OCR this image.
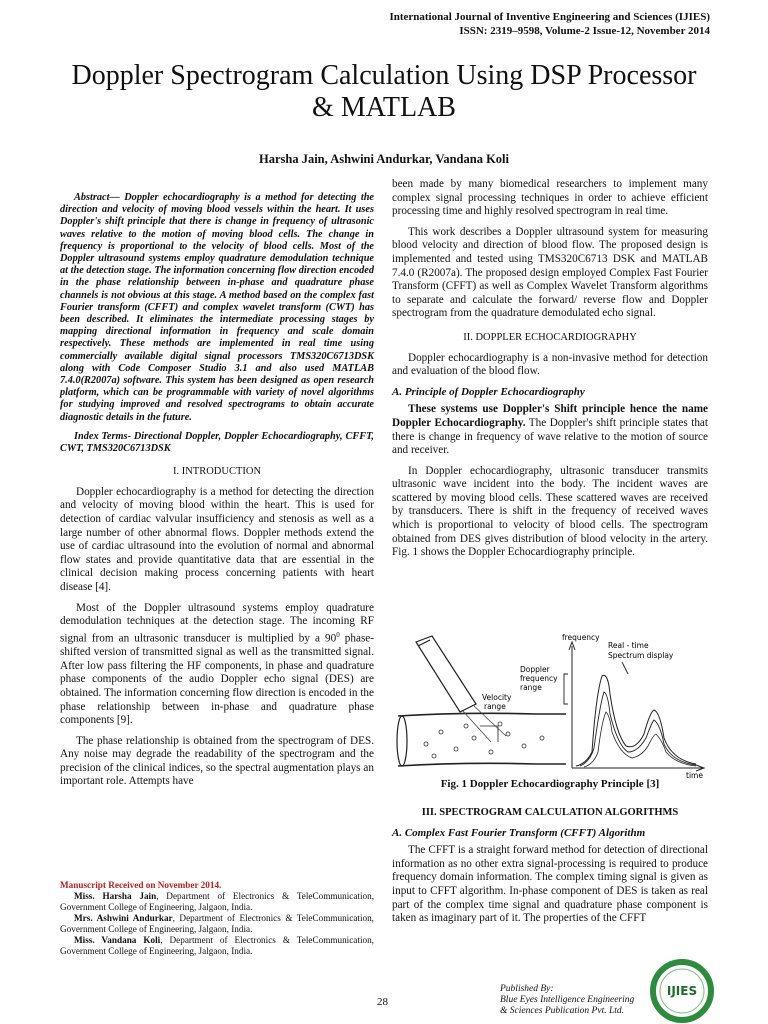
International Journal of Inventive Engineering and Sciences (IJIES)
ISSN: 2319–9598, Volume-2 Issue-12, November 2014
Doppler Spectrogram Calculation Using DSP Processor & MATLAB
Harsha Jain, Ashwini Andurkar, Vandana Koli

Abstract— Doppler echocardiography is a method for detecting the direction and velocity of moving blood vessels within the heart. It uses Doppler's shift principle that there is change in frequency of ultrasonic waves relative to the motion of moving blood cells. The change in frequency is proportional to the velocity of blood cells. Most of the Doppler ultrasound systems employ quadrature demodulation technique at the detection stage. The information concerning flow direction encoded in the phase relationship between in-phase and quadrature phase channels is not obvious at this stage. A method based on the complex fast Fourier transform (CFFT) and complex wavelet transform (CWT) has been described. It eliminates the intermediate processing stages by mapping directional information in frequency and scale domain respectively. These methods are implemented in real time using commercially available digital signal processors TMS320C6713DSK along with Code Composer Studio 3.1 and also used MATLAB 7.4.0(R2007a) software. This system has been designed as open research platform, which can be programmable with variety of novel algorithms for studying improved and resolved spectrograms to obtain accurate diagnostic details in the future.

Index Terms- Directional Doppler, Doppler Echocardiography, CFFT, CWT, TMS320C6713DSK

I. INTRODUCTION

Doppler echocardiography is a method for detecting the direction and velocity of moving blood within the heart. This is used for detection of cardiac valvular insufficiency and stenosis as well as a large number of other abnormal flows. Doppler methods extend the use of cardiac ultrasound into the evolution of normal and abnormal flow states and provide quantitative data that are essential in the clinical decision making process concerning patients with heart disease [4].

Most of the Doppler ultrasound systems employ quadrature demodulation techniques at the detection stage. The incoming RF signal from an ultrasonic transducer is multiplied by a $90^0$ phase- shifted version of transmitted signal as well as the transmitted signal. After low pass filtering the HF components, in phase and quadrature phase components of the audio Doppler echo signal (DES) are obtained. The information concerning flow direction is encoded in the phase relationship between in-phase and quadrature phase components [9].

The phase relationship is obtained from the spectrogram of DES. Any noise may degrade the readability of the spectrogram and the precision of the clinical indices, so the spectral augmentation plays an important role. Attempts have

Manuscript Received on November 2014.
Miss. Harsha Jain, Department of Electronics & TeleCommunication, Government College of Engineering, Jalgaon, India.
Mrs. Ashwini Andurkar, Department of Electronics & TeleCommunication, Government College of Engineering, Jalgaon, India.
Miss. Vandana Koli, Department of Electronics & TeleCommunication, Government College of Engineering, Jalgaon, India.

been made by many biomedical researchers to implement many complex signal processing techniques in order to achieve efficient processing time and highly resolved spectrogram in real time.

This work describes a Doppler ultrasound system for measuring blood velocity and direction of blood flow. The proposed design is implemented and tested using TMS320C6713 DSK and MATLAB 7.4.0 (R2007a). The proposed design employed Complex Fast Fourier Transform (CFFT) as well as Complex Wavelet Transform algorithms to separate and calculate the forward/ reverse flow and Doppler spectrogram from the quadrature demodulated echo signal.

II. DOPPLER ECHOCARDIOGRAPHY

Doppler echocardiography is a non-invasive method for detection and evaluation of the blood flow.

A. Principle of Doppler Echocardiography

These systems use Doppler's Shift principle hence the name Doppler Echocardiography. The Doppler's shift principle states that there is change in frequency of wave relative to the motion of source and receiver.

In Doppler echocardiography, ultrasonic transducer transmits ultrasonic wave incident into the body. The incident waves are scattered by moving blood cells. These scattered waves are received by transducers. There is shift in the frequency of received waves which is proportional to velocity of blood cells. The spectrogram obtained from DES gives distribution of blood velocity in the artery. Fig. 1 shows the Doppler Echocardiography principle.

Velocity
range
frequency
time
Doppler
frequency
range
Real - time
Spectrum display
Fig. 1 Doppler Echocardiography Principle [3]
III. SPECTROGRAM CALCULATION ALGORITHMS
A. Complex Fast Fourier Transform (CFFT) Algorithm

The CFFT is a straight forward method for detection of directional information as no other extra signal-processing is required to produce frequency domain information. The complex timing signal is given as input to CFFT algorithm. In-phase component of DES is taken as real part of the complex time signal and quadrature phase component is taken as imaginary part of it. The properties of the CFFT

28
Published By:
Blue Eyes Intelligence Engineering
& Sciences Publication Pvt. Ltd.
IJIES
